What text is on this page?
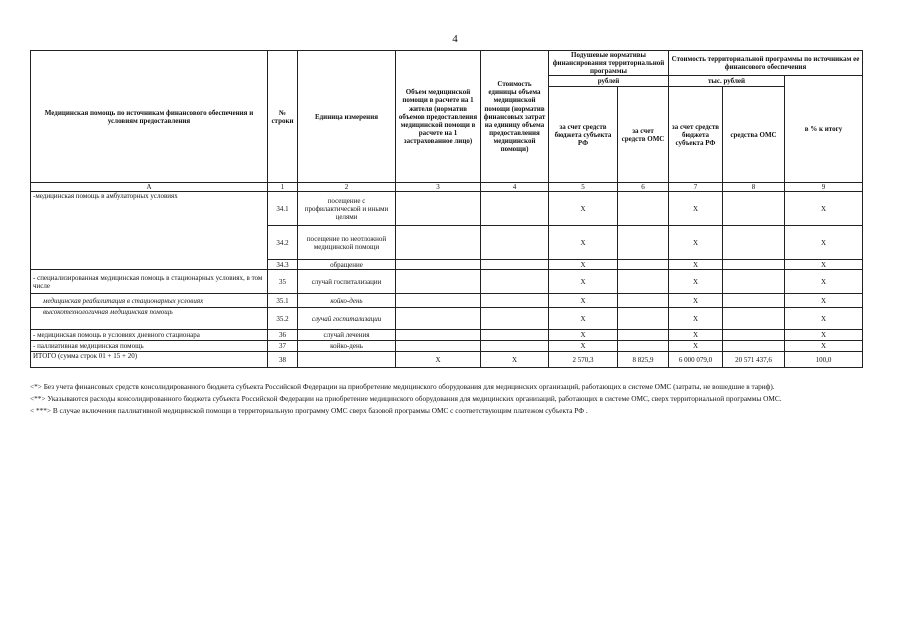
4
Медицинская помощь по источникам финансового обеспечения и условиям предоставления	№ строки	Единица измерения	Объем медицинской помощи в расчете на 1 жителя (норматив объемов предоставления медицинской помощи в расчете на 1 застрахованное лицо)	Стоимость единицы объема медицинской помощи (норматив финансовых затрат на единицу объема предоставления медицинской помощи)	Подушевые нормативы финансирования территориальной программы		Стоимость территориальной программы по источникам ее финансового обеспечения		
					рублей		тыс. рублей		в % к итогу
					за счет средств бюджета субъекта РФ	за счет средств ОМС	за счет средств бюджета субъекта РФ	средства ОМС	
А	1	2	3	4	5	6	7	8	9
-медицинская помощь в амбулаторных условиях	34.1	посещение с профилактической и иными целями			X		X		X
	34.2	посещение по неотложной медицинской помощи			X		X		X
	34.3	обращение			X		X		X
- специализированная медицинская помощь в стационарных условиях, в том числе	35	случай госпитализации			X		X		X
медицинская реабилитация в стационарных условиях	35.1	койко-день			X		X		X
высокотехнологичная медицинская помощь	35.2	случай госпитализации			X		X		X
- медицинская помощь в условиях дневного стационара	36	случай лечения			X		X		X
- паллиативная медицинская помощь	37	койко-день			X		X		X
ИТОГО (сумма строк 01 + 15 + 20)	38		X	X	2 570,3	8 825,9	6 000 079,0	20 571 437,6	100,0

<*> Без учета финансовых средств консолидированного бюджета субъекта Российской Федерации на приобретение медицинского оборудования для медицинских организаций, работающих в системе ОМС (затраты, не вошедшие в тариф).

<**> Указываются расходы консолидированного бюджета субъекта Российской Федерации на приобретение медицинского оборудования для медицинских организаций, работающих в системе ОМС, сверх территориальной программы ОМС.

< ***> В случае включения паллиативной медицинской помощи в территориальную программу ОМС сверх базовой программы ОМС с соответствующим платежом субъекта РФ .
